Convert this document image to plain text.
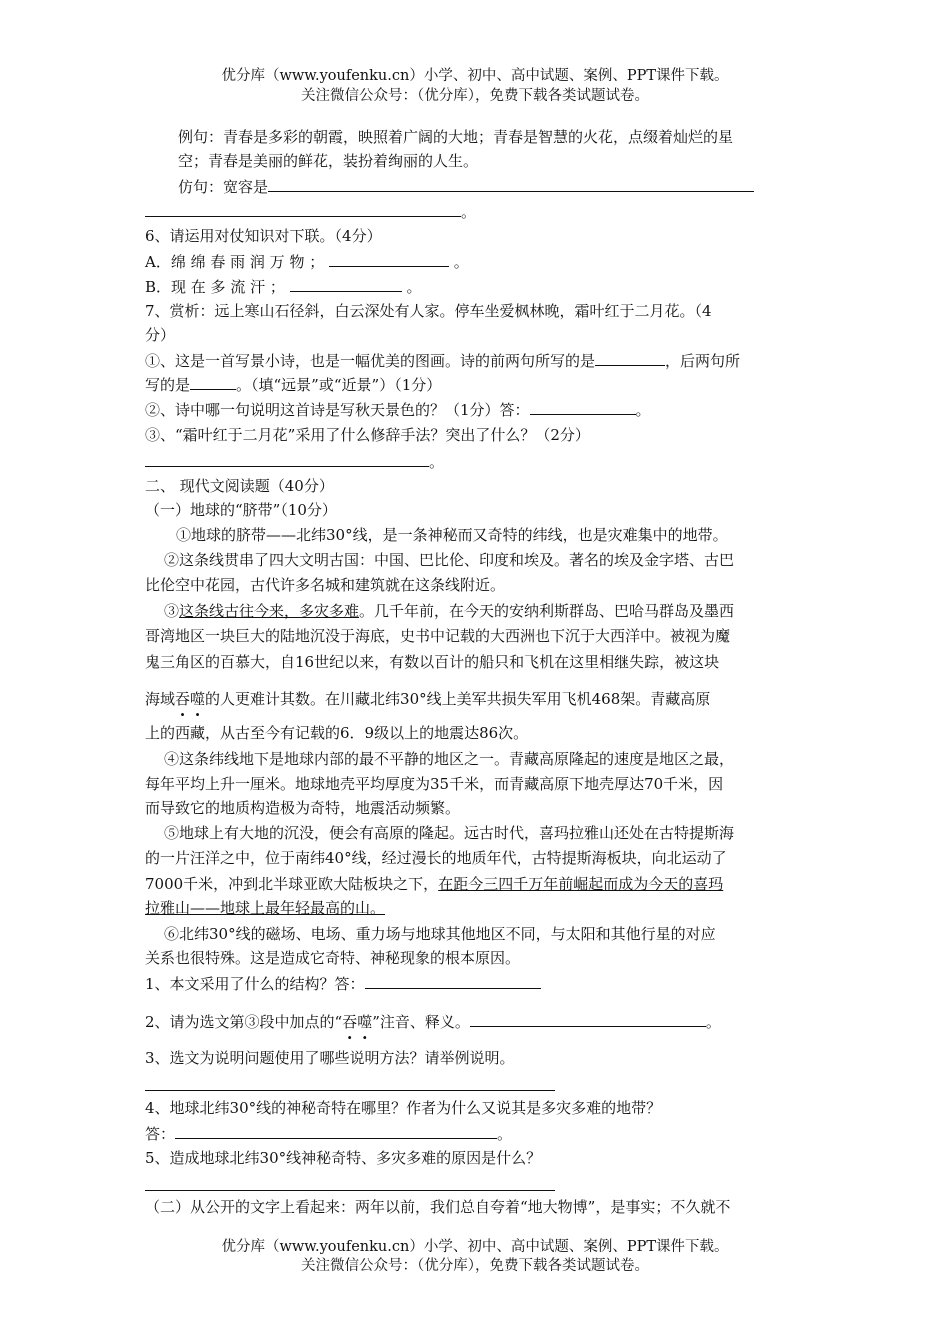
优分库（www.youfenku.cn）小学、初中、高中试题、案例、PPT课件下载。
关注微信公众号：（优分库），免费下载各类试题试卷。
例句：青春是多彩的朝霞，映照着广阔的大地；青春是智慧的火花，点缀着灿烂的星
空；青春是美丽的鲜花，装扮着绚丽的人生。
仿句：宽容是
。
6、请运用对仗知识对下联。（4分）
A．绵 绵 春 雨 润 万 物 ；	。
B．现 在 多 流 汗 ；	。
7、赏析：远上寒山石径斜，白云深处有人家。停车坐爱枫林晚，霜叶红于二月花。（4
分）
①、这是一首写景小诗，也是一幅优美的图画。诗的前两句所写的是	，后两句所
写的是	。（填“远景”或“近景”）（1分）
②、诗中哪一句说明这首诗是写秋天景色的？（1分）答：	。
③、“霜叶红于二月花”采用了什么修辞手法？突出了什么？（2分）
。
二、 现代文阅读题（40分）
（一）地球的“脐带”（10分）
①地球的脐带——北纬30°线，是一条神秘而又奇特的纬线，也是灾难集中的地带。
②这条线贯串了四大文明古国：中国、巴比伦、印度和埃及。著名的埃及金字塔、古巴
比伦空中花园，古代许多名城和建筑就在这条线附近。
③这条线古往今来，多灾多难。几千年前，在今天的安纳利斯群岛、巴哈马群岛及墨西
哥湾地区一块巨大的陆地沉没于海底，史书中记载的大西洲也下沉于大西洋中。被视为魔
鬼三角区的百慕大，自16世纪以来，有数以百计的船只和飞机在这里相继失踪，被这块
海域吞噬的人更难计其数。在川藏北纬30°线上美军共损失军用飞机468架。青藏高原
上的西藏，从古至今有记载的6．9级以上的地震达86次。
④这条纬线地下是地球内部的最不平静的地区之一。青藏高原隆起的速度是地区之最，
每年平均上升一厘米。地球地壳平均厚度为35千米，而青藏高原下地壳厚达70千米，因
而导致它的地质构造极为奇特，地震活动频繁。
⑤地球上有大地的沉没，便会有高原的隆起。远古时代，喜玛拉雅山还处在古特提斯海
的一片汪洋之中，位于南纬40°线，经过漫长的地质年代，古特提斯海板块，向北运动了
7000千米，冲到北半球亚欧大陆板块之下，在距今三四千万年前崛起而成为今天的喜玛
拉雅山——地球上最年轻最高的山。
⑥北纬30°线的磁场、电场、重力场与地球其他地区不同，与太阳和其他行星的对应
关系也很特殊。这是造成它奇特、神秘现象的根本原因。
1、本文采用了什么的结构？答：
2、请为选文第③段中加点的“吞噬”注音、释义。	。
3、选文为说明问题使用了哪些说明方法？请举例说明。
4、地球北纬30°线的神秘奇特在哪里？作者为什么又说其是多灾多难的地带？
答：	。
5、造成地球北纬30°线神秘奇特、多灾多难的原因是什么？
（二）从公开的文字上看起来：两年以前，我们总自夸着“地大物博”，是事实；不久就不
优分库（www.youfenku.cn）小学、初中、高中试题、案例、PPT课件下载。
关注微信公众号：（优分库），免费下载各类试题试卷。
